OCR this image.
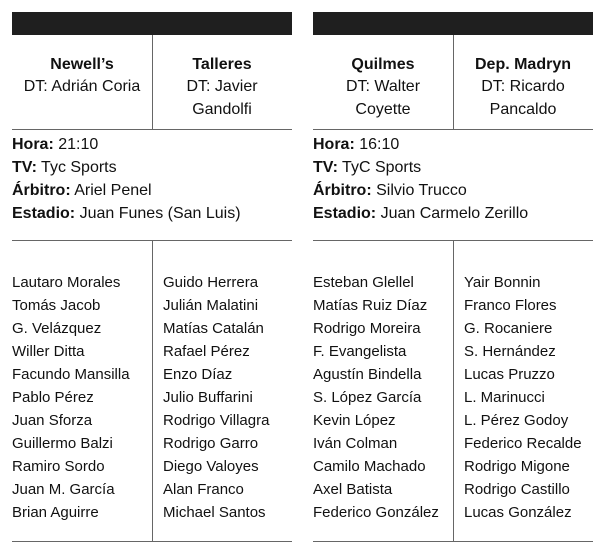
Newell’s
DT: Adrián Coria
Talleres
DT: Javier Gandolfi
Hora: 21:10
TV: Tyc Sports
Árbitro: Ariel Penel
Estadio: Juan Funes (San Luis)
Lautaro Morales
Tomás Jacob
G. Velázquez
Willer Ditta
Facundo Mansilla
Pablo Pérez
Juan Sforza
Guillermo Balzi
Ramiro Sordo
Juan M. García
Brian Aguirre
Guido Herrera
Julián Malatini
Matías Catalán
Rafael Pérez
Enzo Díaz
Julio Buffarini
Rodrigo Villagra
Rodrigo Garro
Diego Valoyes
Alan Franco
Michael Santos
Quilmes
DT: Walter Coyette
Dep. Madryn
DT: Ricardo Pancaldo
Hora: 16:10
TV: TyC Sports
Árbitro: Silvio Trucco
Estadio: Juan Carmelo Zerillo
Esteban Glellel
Matías Ruiz Díaz
Rodrigo Moreira
F. Evangelista
Agustín Bindella
S. López García
Kevin López
Iván Colman
Camilo Machado
Axel Batista
Federico González
Yair Bonnin
Franco Flores
G. Rocaniere
S. Hernández
Lucas Pruzzo
L. Marinucci
L. Pérez Godoy
Federico Recalde
Rodrigo Migone
Rodrigo Castillo
Lucas González
